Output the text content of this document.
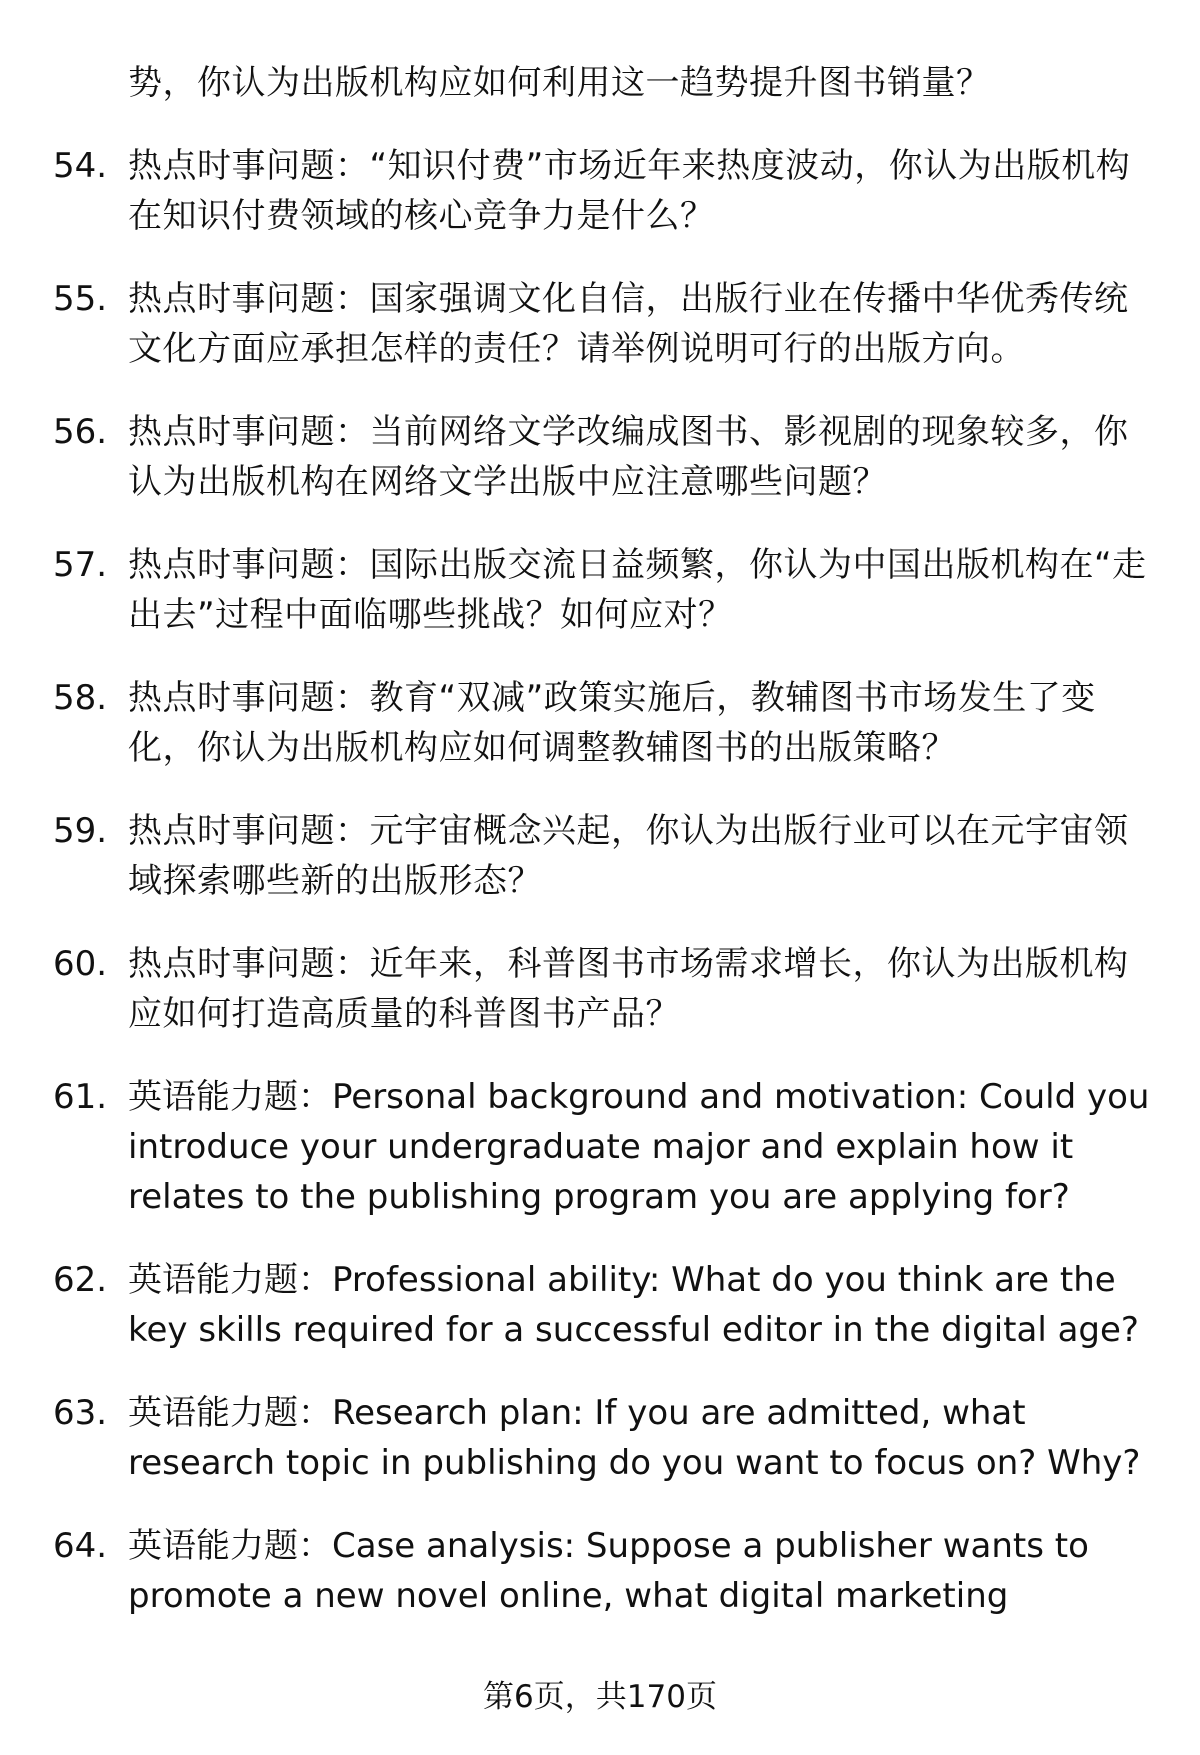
势，你认为出版机构应如何利用这一趋势提升图书销量？
54. 热点时事问题：“知识付费”市场近年来热度波动，你认为出版机构在知识付费领域的核心竞争力是什么？
55. 热点时事问题：国家强调文化自信，出版行业在传播中华优秀传统文化方面应承担怎样的责任？请举例说明可行的出版方向。
56. 热点时事问题：当前网络文学改编成图书、影视剧的现象较多，你认为出版机构在网络文学出版中应注意哪些问题？
57. 热点时事问题：国际出版交流日益频繁，你认为中国出版机构在“走出去”过程中面临哪些挑战？如何应对？
58. 热点时事问题：教育“双减”政策实施后，教辅图书市场发生了变化，你认为出版机构应如何调整教辅图书的出版策略？
59. 热点时事问题：元宇宙概念兴起，你认为出版行业可以在元宇宙领域探索哪些新的出版形态？
60. 热点时事问题：近年来，科普图书市场需求增长，你认为出版机构应如何打造高质量的科普图书产品？
61. 英语能力题：Personal background and motivation: Could you introduce your undergraduate major and explain how it relates to the publishing program you are applying for?
62. 英语能力题：Professional ability: What do you think are the key skills required for a successful editor in the digital age?
63. 英语能力题：Research plan: If you are admitted, what research topic in publishing do you want to focus on? Why?
64. 英语能力题：Case analysis: Suppose a publisher wants to promote a new novel online, what digital marketing
第6页，共170页
